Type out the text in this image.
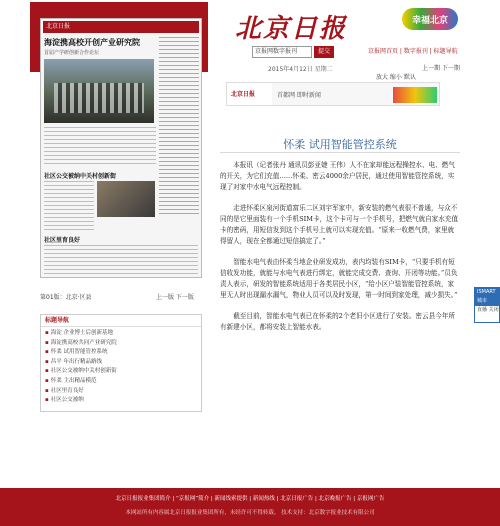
北京日报	幸福北京
京报网数字报刊	提交	京报网首页 | 数字报刊 | 标题导航
2015年4月12日 星期二	上一期 下一期
北京日报
海淀携高校开创产业研究院
首届产学研创新合作论坛
社区公交被纳中关村创新街
社区里育良好
第01版：北京·区县	上一版 下一版
标题导航
▪ 海淀 企业博士后创新基地
▪ 海淀携高校共同产业研究院
▪ 怀柔 试用智能管控系统
▪ 昌平 年出行精品路线
▪ 社区公交被纳中关村创新街
▪ 怀柔 主出精品模范
▪ 社区里育良好
▪ 社区公交被纳
放大 缩小 默认
北京日报	首都网 即时新闻
怀柔 试用智能管控系统

本报讯（记者张丹 通讯员彭亚婕 王伟）人不在家却能远程操控水、电、燃气的开关，为它们充值……怀柔、密云4000余户居民，通过使用智能管控系统，实现了对家中水电气远程控制。

走进怀柔区泉河街道富乐二区刘宇军家中，新安装的燃气表很不普通，与众不同的是它里面装有一个手机SIM卡，这个卡可与一个手机号，把燃气就自家水充值卡的密码，用短信发到这个手机号上就可以实现充值。“原来一收燃气费，家里就得留人，现在全都通过短信搞定了。”

智能水电气表由怀柔当地企业研发成功，表内均装有SIM卡，“只要手机有短信收发功能，就能与水电气表进行绑定，就能完成交费、查询、开闭等功能。”员负责人表示，研发的智能系统适用于各类居民小区，“给小区户装智能管控系统，家里无人时出现漏水漏气，物业人员可以及时发现，第一时间到家处理，减少损失。”

截至目前，智能水电气表已在怀柔的2个老旧小区进行了安装。密云县今年所有新建小区，都将安装上智能水表。

ISMART 城市
直播 关闭
北京日报报业集团简介 | “京报网”简介 | 新闻线索提供 | 新闻热线 | 北京日报广告 | 北京晚报广告 | 京报网广告
本网站所有内容属北京日报报业集团所有，未经许可不得转载。 技术支持：北京数字报业技术有限公司
